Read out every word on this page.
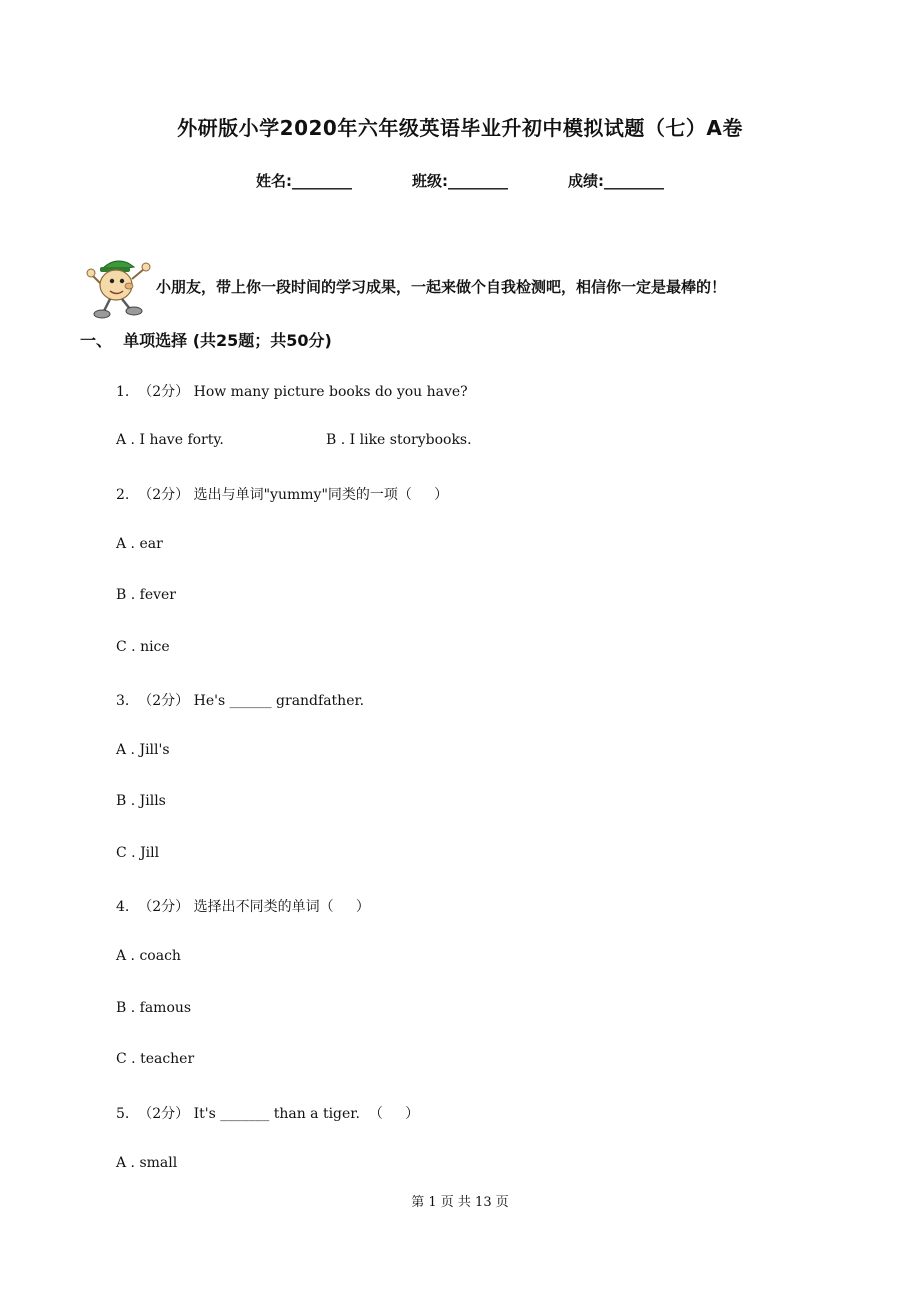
外研版小学2020年六年级英语毕业升初中模拟试题（七）A卷
姓名:________	班级:________	成绩:________

小朋友，带上你一段时间的学习成果，一起来做个自我检测吧，相信你一定是最棒的！
一、  单项选择 (共25题；共50分)
1.  （2分） How many picture books do you have?
A . I have forty.	B . I like storybooks.
2.  （2分） 选出与单词"yummy"同类的一项（     ）
A . ear
B . fever
C . nice
3.  （2分） He's ______ grandfather.
A . Jill's
B . Jills
C . Jill
4.  （2分） 选择出不同类的单词（     ）
A . coach
B . famous
C . teacher
5.  （2分） It's _______ than a tiger.  （     ）
A . small
第 1 页 共 13 页
